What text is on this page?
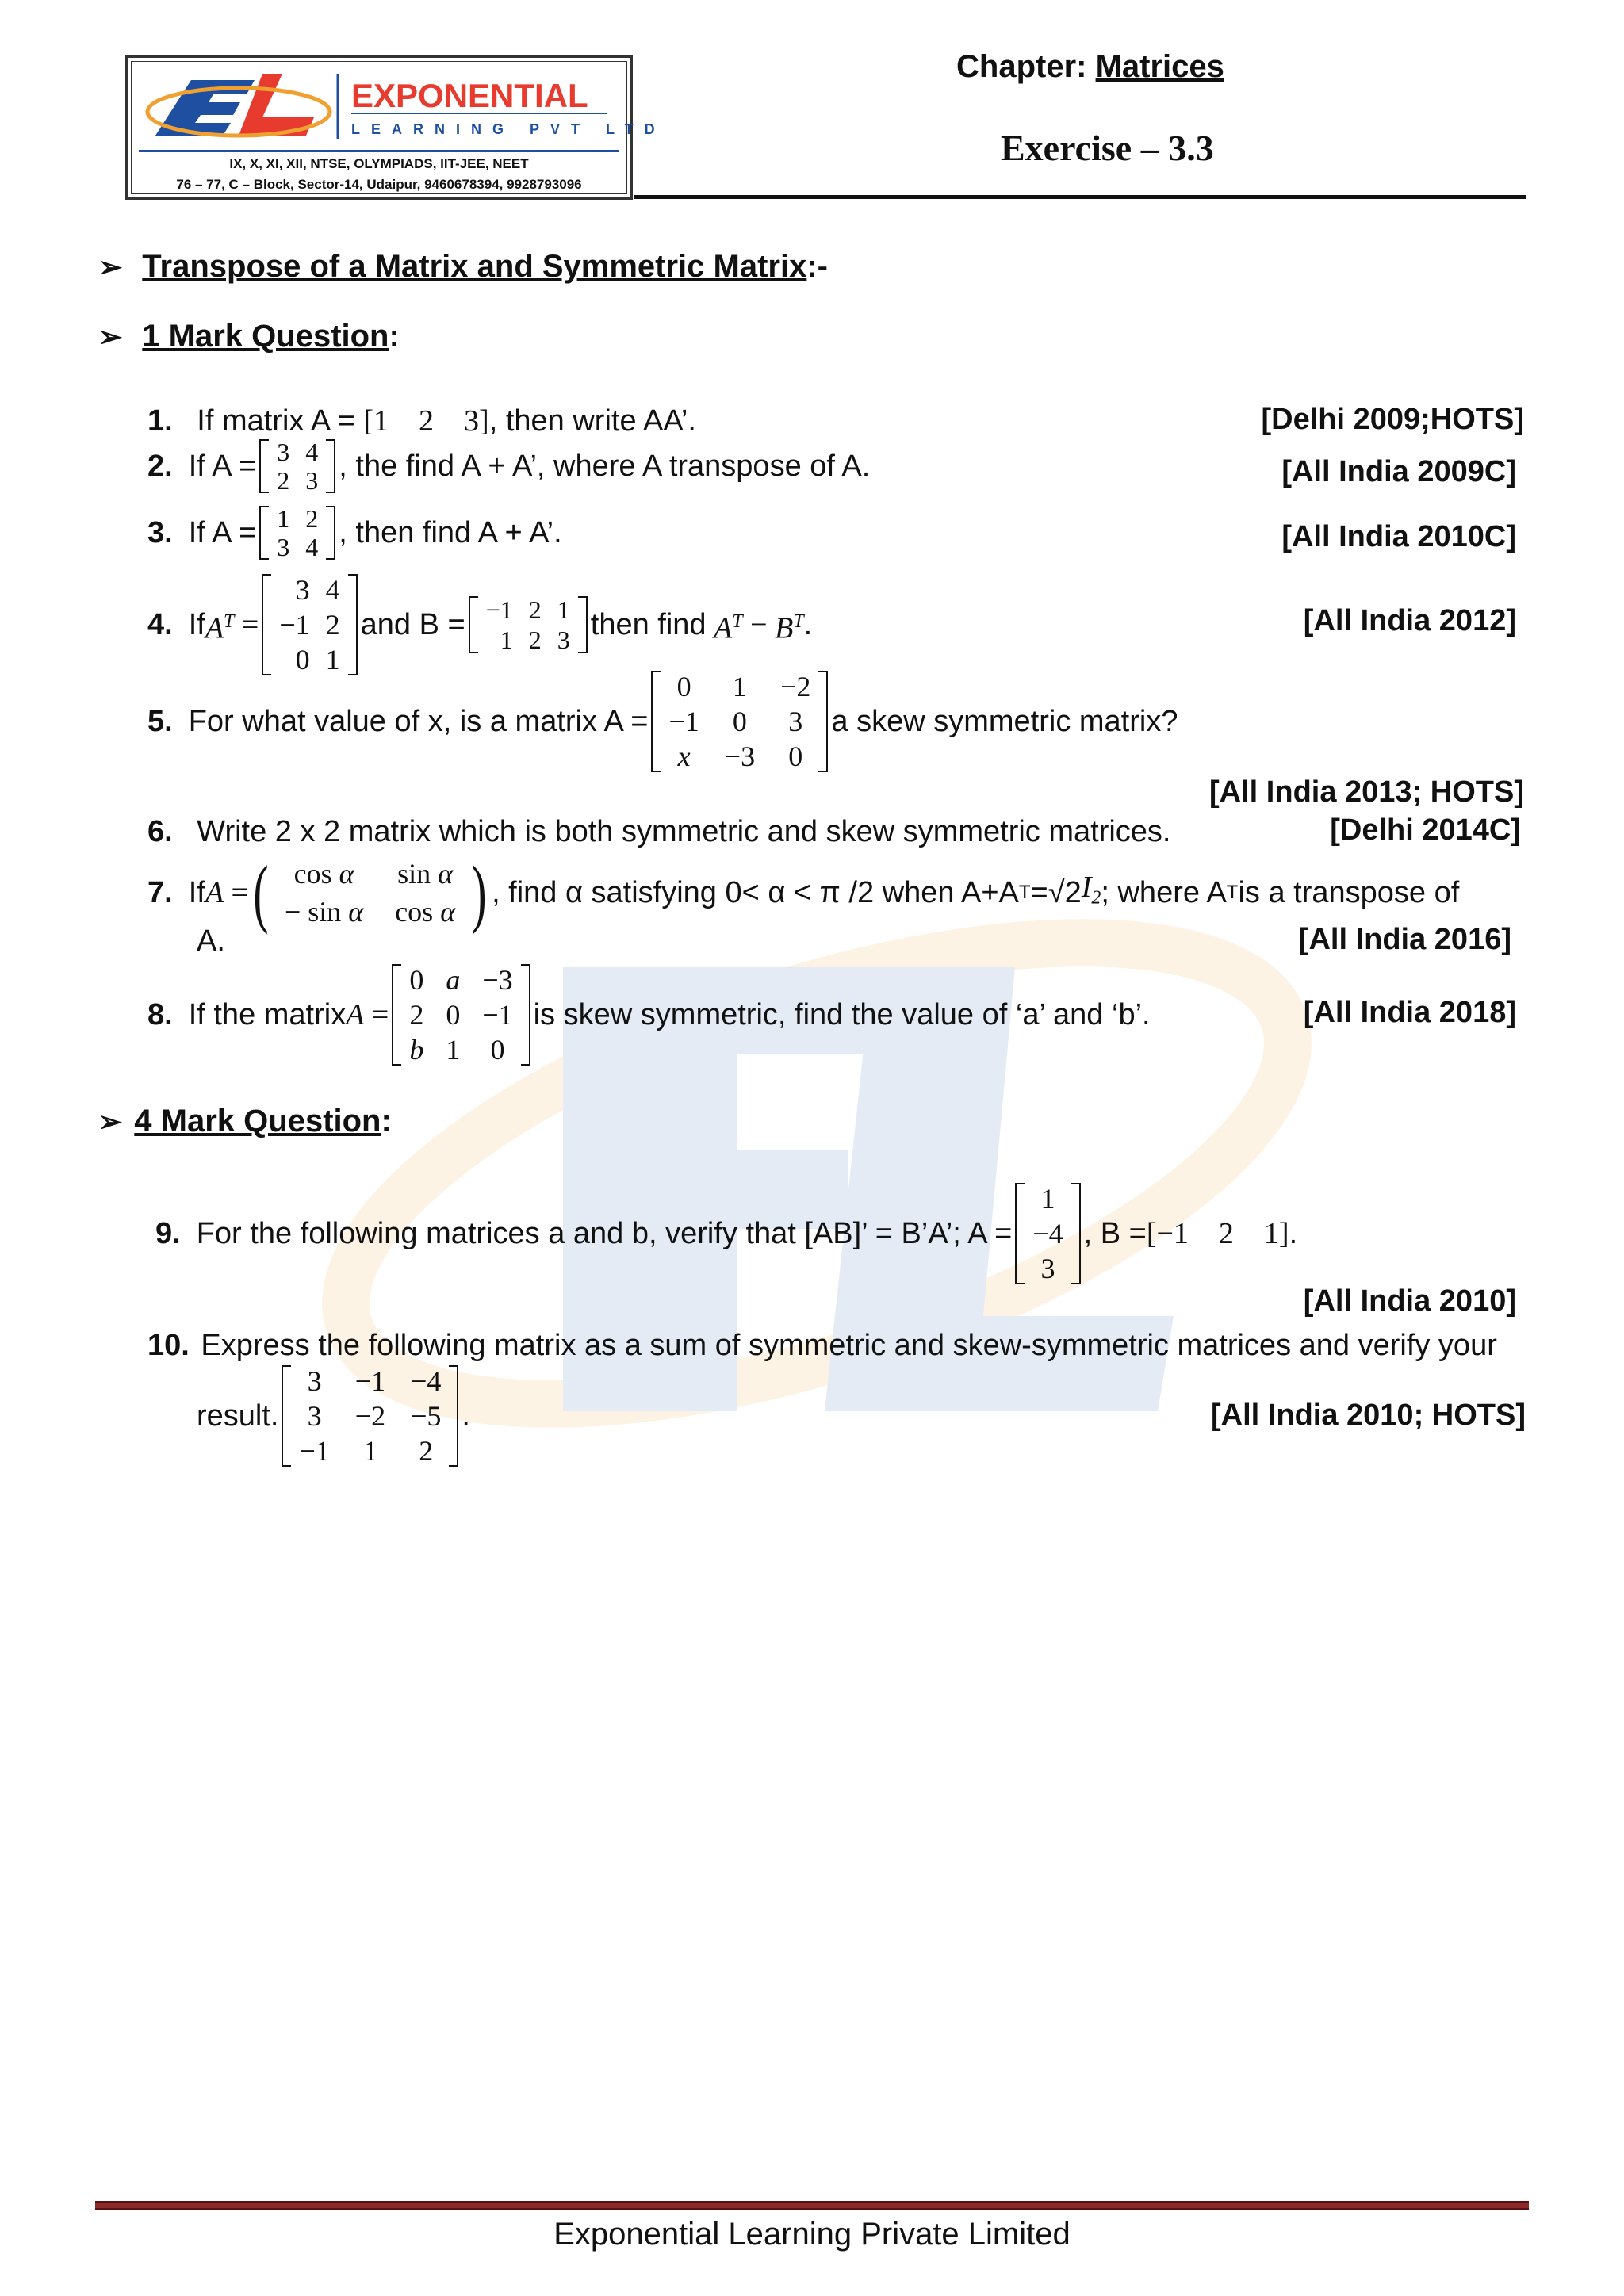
EXPONENTIAL
LEARNING PVT LTD
IX, X, XI, XII, NTSE, OLYMPIADS, IIT-JEE, NEET
76 – 77, C – Block, Sector-14, Udaipur, 9460678394, 9928793096
Chapter: Matrices
Exercise – 3.3
➢ Transpose of a Matrix and Symmetric Matrix:-
➢ 1 Mark Question:
1. If matrix A = [1    2    3], then write AA’.	[Delhi 2009;HOTS]
2. If A = 3 4
2 3 , the find A + A’, where A transpose of A.	[All India 2009C]
3. If A = 1 2
3 4 , then find A + A’.	[All India 2010C]
4. If $A^T$ =
3 4
−1 2
0 1
and B = −1 2 1
1 2 3 then find $A^T - B^T$ .	[All India 2012]
5. For what value of x, is a matrix A =
0	1	−2
−1	0	3
x	−3	0
a skew symmetric matrix?
[All India 2013; HOTS]
6. Write 2 x 2 matrix which is both symmetric and skew symmetric matrices.	[Delhi 2014C]
7. If A = ( cos α	sin α
− sin α	cos α ) , find α satisfying 0< α < π /2 when A+A T =√2 $I_2$ ; where A T is a transpose of
A.	[All India 2016]
8. If the matrix A =
0 a −3
2 0 −1
b 1	0
is skew symmetric, find the value of ‘a’ and ‘b’.	[All India 2018]
➢ 4 Mark Question:
9. For the following matrices a and b, verify that [AB]’ = B’A’; A =
1
−4
3
, B = [−1    2    1] .
[All India 2010]
10. Express the following matrix as a sum of symmetric and skew-symmetric matrices and verify your
result.
3	−1 −4
3	−2 −5
−1	1	2
.	[All India 2010; HOTS]
Exponential Learning Private Limited
